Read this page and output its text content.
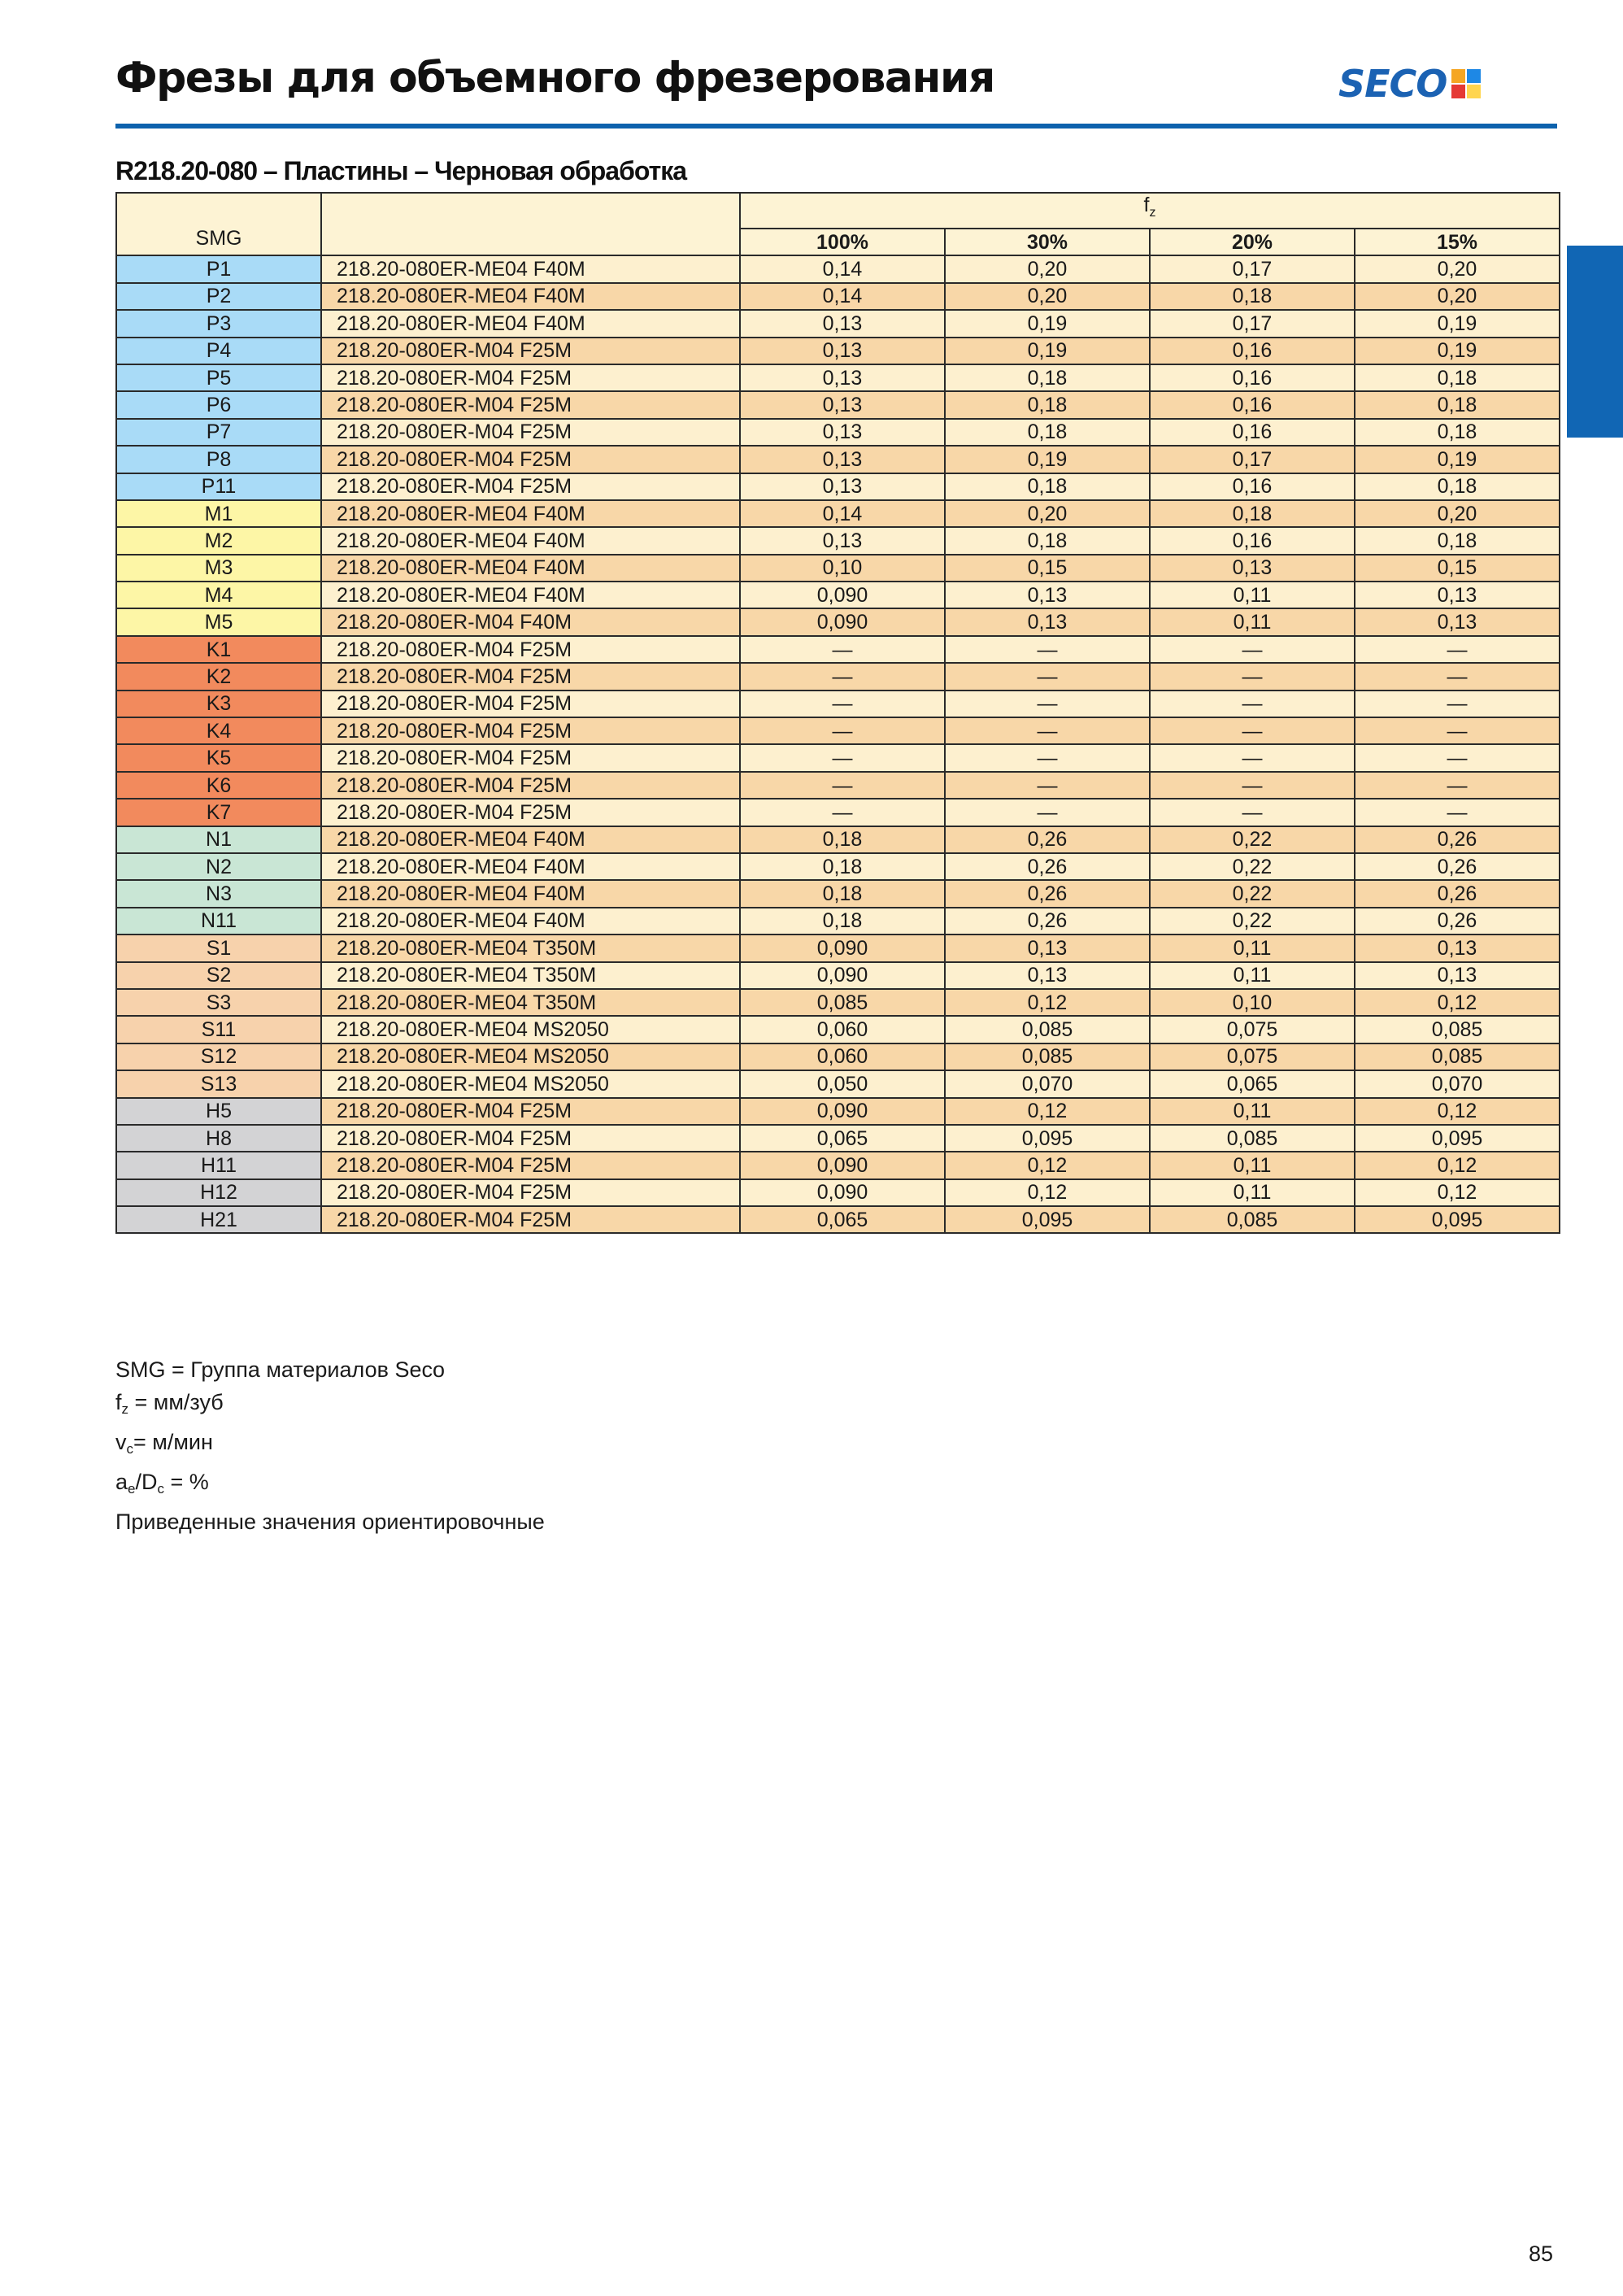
Фрезы для объемного фрезерования	SECO
R218.20-080 – Пластины – Черновая обработка
SMG		$f_z$
		100%	30%	20%	15%
P1	218.20-080ER-ME04 F40M	0,14	0,20	0,17	0,20
P2	218.20-080ER-ME04 F40M	0,14	0,20	0,18	0,20
P3	218.20-080ER-ME04 F40M	0,13	0,19	0,17	0,19
P4	218.20-080ER-M04 F25M	0,13	0,19	0,16	0,19
P5	218.20-080ER-M04 F25M	0,13	0,18	0,16	0,18
P6	218.20-080ER-M04 F25M	0,13	0,18	0,16	0,18
P7	218.20-080ER-M04 F25M	0,13	0,18	0,16	0,18
P8	218.20-080ER-M04 F25M	0,13	0,19	0,17	0,19
P11	218.20-080ER-M04 F25M	0,13	0,18	0,16	0,18
M1	218.20-080ER-ME04 F40M	0,14	0,20	0,18	0,20
M2	218.20-080ER-ME04 F40M	0,13	0,18	0,16	0,18
M3	218.20-080ER-ME04 F40M	0,10	0,15	0,13	0,15
M4	218.20-080ER-ME04 F40M	0,090	0,13	0,11	0,13
M5	218.20-080ER-M04 F40M	0,090	0,13	0,11	0,13
K1	218.20-080ER-M04 F25M	—	—	—	—
K2	218.20-080ER-M04 F25M	—	—	—	—
K3	218.20-080ER-M04 F25M	—	—	—	—
K4	218.20-080ER-M04 F25M	—	—	—	—
K5	218.20-080ER-M04 F25M	—	—	—	—
K6	218.20-080ER-M04 F25M	—	—	—	—
K7	218.20-080ER-M04 F25M	—	—	—	—
N1	218.20-080ER-ME04 F40M	0,18	0,26	0,22	0,26
N2	218.20-080ER-ME04 F40M	0,18	0,26	0,22	0,26
N3	218.20-080ER-ME04 F40M	0,18	0,26	0,22	0,26
N11	218.20-080ER-ME04 F40M	0,18	0,26	0,22	0,26
S1	218.20-080ER-ME04 T350M	0,090	0,13	0,11	0,13
S2	218.20-080ER-ME04 T350M	0,090	0,13	0,11	0,13
S3	218.20-080ER-ME04 T350M	0,085	0,12	0,10	0,12
S11	218.20-080ER-ME04 MS2050	0,060	0,085	0,075	0,085
S12	218.20-080ER-ME04 MS2050	0,060	0,085	0,075	0,085
S13	218.20-080ER-ME04 MS2050	0,050	0,070	0,065	0,070
H5	218.20-080ER-M04 F25M	0,090	0,12	0,11	0,12
H8	218.20-080ER-M04 F25M	0,065	0,095	0,085	0,095
H11	218.20-080ER-M04 F25M	0,090	0,12	0,11	0,12
H12	218.20-080ER-M04 F25M	0,090	0,12	0,11	0,12
H21	218.20-080ER-M04 F25M	0,065	0,095	0,085	0,095
SMG = Группа материалов Seco
$f_z = мм/зуб$
$v_c= м/мин$
$a_e/D_c$ = %
Приведенные значения ориентировочные
85
